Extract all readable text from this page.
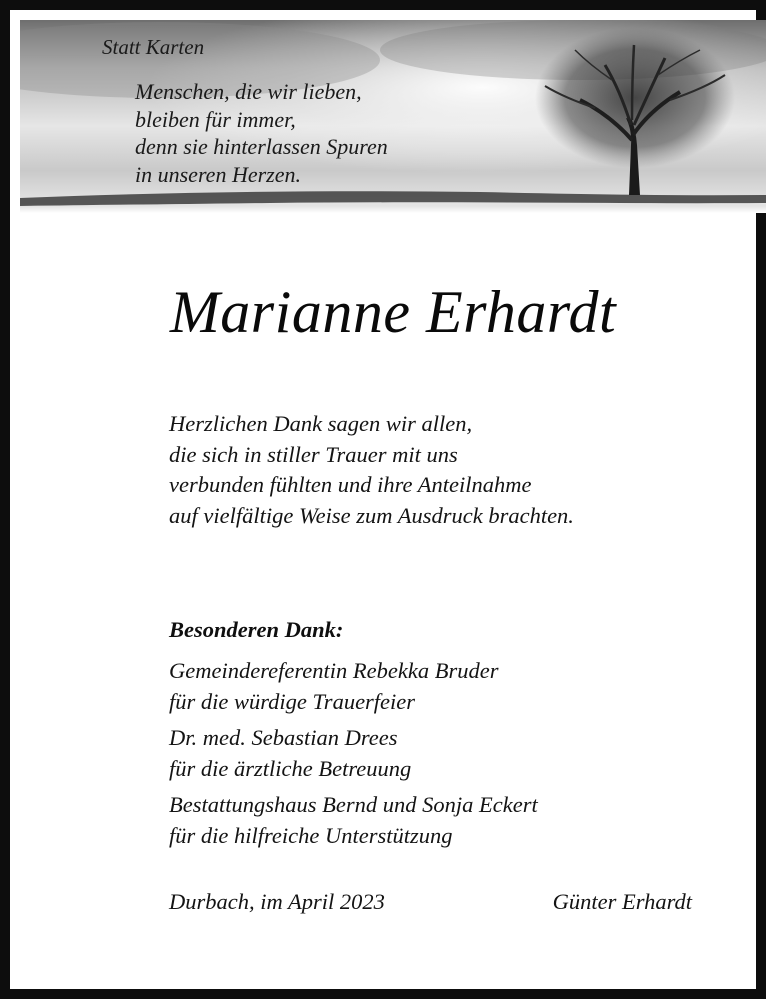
Statt Karten
Menschen, die wir lieben,
bleiben für immer,
denn sie hinterlassen Spuren
in unseren Herzen.
Marianne Erhardt
Herzlichen Dank sagen wir allen,
die sich in stiller Trauer mit uns
verbunden fühlten und ihre Anteilnahme
auf vielfältige Weise zum Ausdruck brachten.
Besonderen Dank:
Gemeindereferentin Rebekka Bruder
für die würdige Trauerfeier
Dr. med. Sebastian Drees
für die ärztliche Betreuung
Bestattungshaus Bernd und Sonja Eckert
für die hilfreiche Unterstützung
Durbach, im April 2023	Günter Erhardt
